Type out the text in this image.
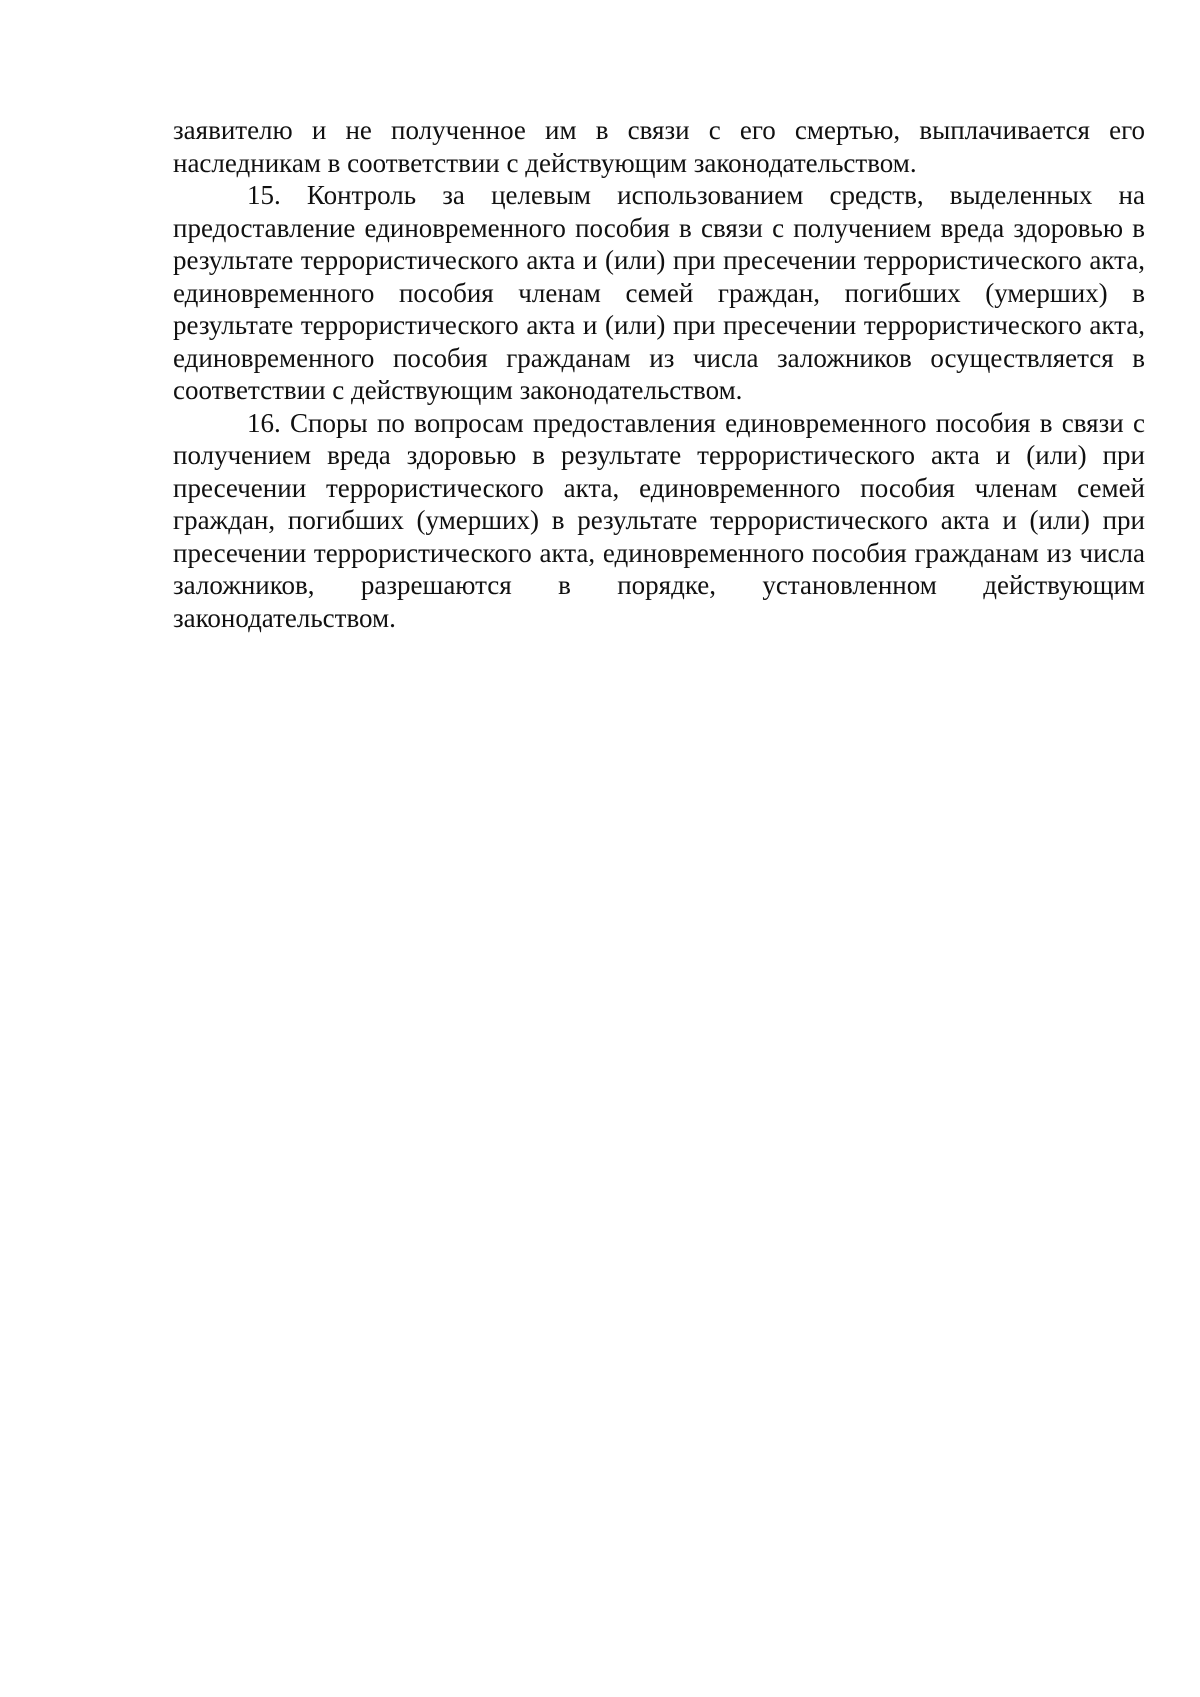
заявителю и не полученное им в связи с его смертью, выплачивается его наследникам в соответствии с действующим законодательством.

15. Контроль за целевым использованием средств, выделенных на предоставление единовременного пособия в связи с получением вреда здоровью в результате террористического акта и (или) при пресечении террористического акта, единовременного пособия членам семей граждан, погибших (умерших) в результате террористического акта и (или) при пресечении террористического акта, единовременного пособия гражданам из числа заложников осуществляется в соответствии с действующим законодательством.

16. Споры по вопросам предоставления единовременного пособия в связи с получением вреда здоровью в результате террористического акта и (или) при пресечении террористического акта, единовременного пособия членам семей граждан, погибших (умерших) в результате террористического акта и (или) при пресечении террористического акта, единовременного пособия гражданам из числа заложников, разрешаются в порядке, установленном действующим законодательством.
